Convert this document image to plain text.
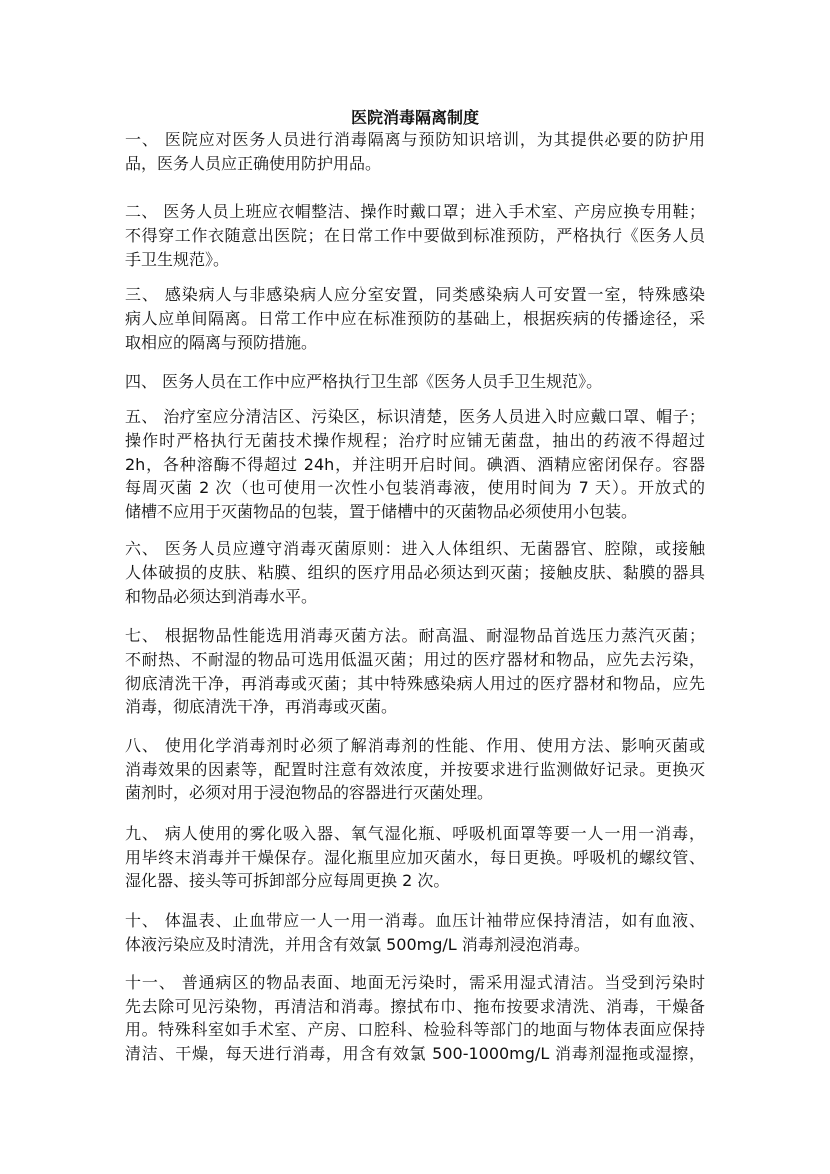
医院消毒隔离制度
一、 医院应对医务人员进行消毒隔离与预防知识培训，为其提供必要的防护用
品，医务人员应正确使用防护用品。
二、 医务人员上班应衣帽整洁、操作时戴口罩；进入手术室、产房应换专用鞋；
不得穿工作衣随意出医院；在日常工作中要做到标准预防，严格执行《医务人员
手卫生规范》。
三、 感染病人与非感染病人应分室安置，同类感染病人可安置一室，特殊感染
病人应单间隔离。日常工作中应在标准预防的基础上，根据疾病的传播途径，采
取相应的隔离与预防措施。
四、 医务人员在工作中应严格执行卫生部《医务人员手卫生规范》。
五、 治疗室应分清洁区、污染区，标识清楚，医务人员进入时应戴口罩、帽子；
操作时严格执行无菌技术操作规程；治疗时应铺无菌盘，抽出的药液不得超过
2h，各种溶酶不得超过 24h，并注明开启时间。碘酒、酒精应密闭保存。容器
每周灭菌 2 次（也可使用一次性小包装消毒液，使用时间为 7 天）。开放式的
储槽不应用于灭菌物品的包装，置于储槽中的灭菌物品必须使用小包装。
六、 医务人员应遵守消毒灭菌原则：进入人体组织、无菌器官、腔隙，或接触
人体破损的皮肤、粘膜、组织的医疗用品必须达到灭菌；接触皮肤、黏膜的器具
和物品必须达到消毒水平。
七、 根据物品性能选用消毒灭菌方法。耐高温、耐湿物品首选压力蒸汽灭菌；
不耐热、不耐湿的物品可选用低温灭菌；用过的医疗器材和物品，应先去污染，
彻底清洗干净，再消毒或灭菌；其中特殊感染病人用过的医疗器材和物品，应先
消毒，彻底清洗干净，再消毒或灭菌。
八、 使用化学消毒剂时必须了解消毒剂的性能、作用、使用方法、影响灭菌或
消毒效果的因素等，配置时注意有效浓度，并按要求进行监测做好记录。更换灭
菌剂时，必须对用于浸泡物品的容器进行灭菌处理。
九、 病人使用的雾化吸入器、氧气湿化瓶、呼吸机面罩等要一人一用一消毒，
用毕终末消毒并干燥保存。湿化瓶里应加灭菌水，每日更换。呼吸机的螺纹管、
湿化器、接头等可拆卸部分应每周更换 2 次。
十、 体温表、止血带应一人一用一消毒。血压计袖带应保持清洁，如有血液、
体液污染应及时清洗，并用含有效氯 500mg/L 消毒剂浸泡消毒。
十一、 普通病区的物品表面、地面无污染时，需采用湿式清洁。当受到污染时
先去除可见污染物，再清洁和消毒。擦拭布巾、拖布按要求清洗、消毒，干燥备
用。特殊科室如手术室、产房、口腔科、检验科等部门的地面与物体表面应保持
清洁、干燥，每天进行消毒，用含有效氯 500-1000mg/L 消毒剂湿拖或湿擦，
